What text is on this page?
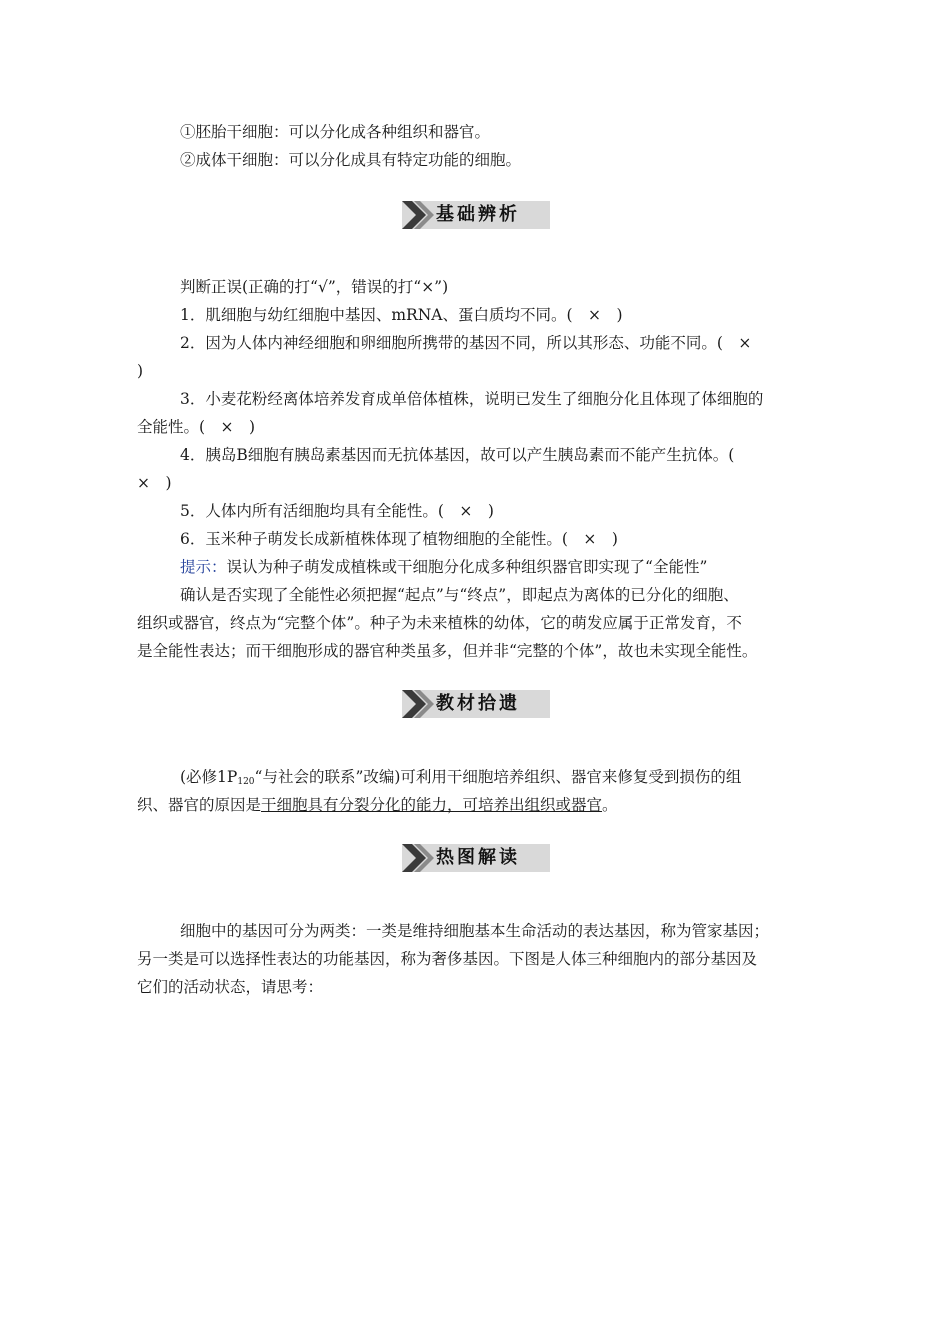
①胚胎干细胞：可以分化成各种组织和器官。
②成体干细胞：可以分化成具有特定功能的细胞。
基础辨析
判断正误(正确的打“√”，错误的打“×”)
1．肌细胞与幼红细胞中基因、mRNA、蛋白质均不同。(　×　)
2．因为人体内神经细胞和卵细胞所携带的基因不同，所以其形态、功能不同。(　×
)
3．小麦花粉经离体培养发育成单倍体植株，说明已发生了细胞分化且体现了体细胞的
全能性。(　×　)
4．胰岛B细胞有胰岛素基因而无抗体基因，故可以产生胰岛素而不能产生抗体。(
×　)
5．人体内所有活细胞均具有全能性。(　×　)
6．玉米种子萌发长成新植株体现了植物细胞的全能性。(　×　)
提示：误认为种子萌发成植株或干细胞分化成多种组织器官即实现了“全能性”
确认是否实现了全能性必须把握“起点”与“终点”，即起点为离体的已分化的细胞、
组织或器官，终点为“完整个体”。种子为未来植株的幼体，它的萌发应属于正常发育，不
是全能性表达；而干细胞形成的器官种类虽多，但并非“完整的个体”，故也未实现全能性。
教材拾遗
(必修$1P_{120}“$与社会的联系”改编)可利用干细胞培养组织、器官来修复受到损伤的组
织、器官的原因是干细胞具有分裂分化的能力，可培养出组织或器官。
热图解读
细胞中的基因可分为两类：一类是维持细胞基本生命活动的表达基因，称为管家基因；
另一类是可以选择性表达的功能基因，称为奢侈基因。下图是人体三种细胞内的部分基因及
它们的活动状态，请思考：
